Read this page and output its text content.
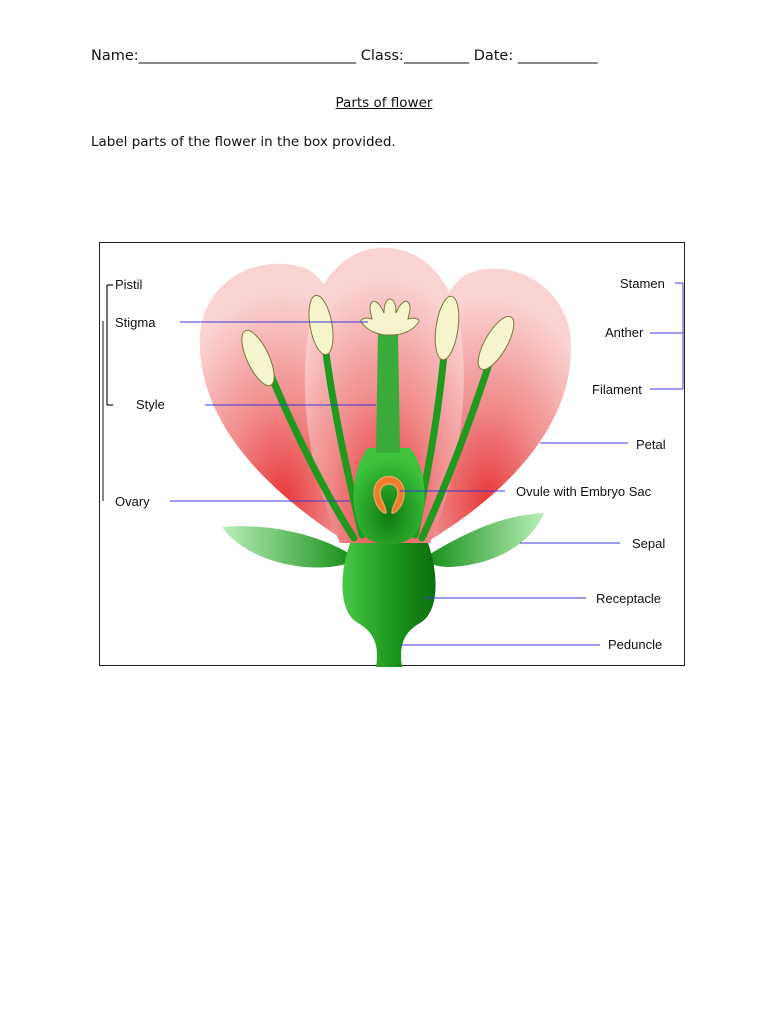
Name:______________________________ Class:_________ Date: ___________
Parts of flower
Label parts of the flower in the box provided.
Pistil
Stigma
Style
Ovary
Stamen
Anther
Filament
Petal
Ovule with Embryo Sac
Sepal
Receptacle
Peduncle
